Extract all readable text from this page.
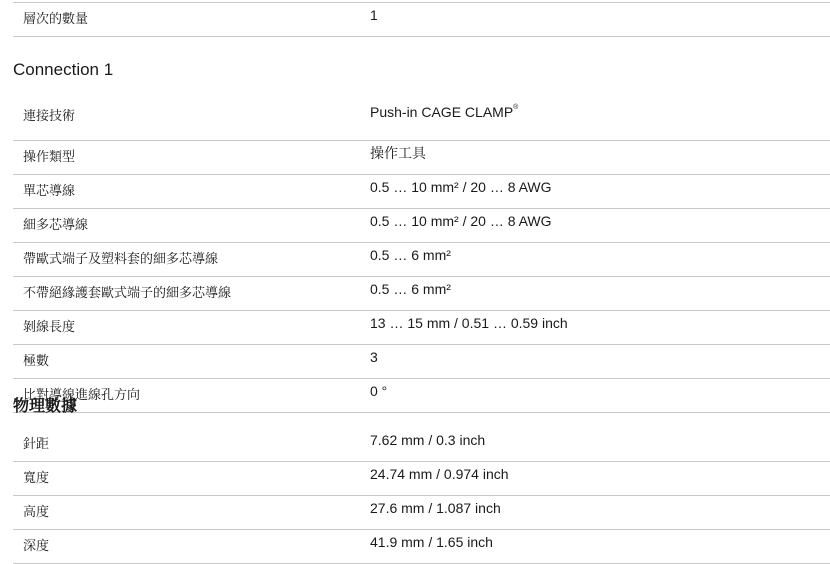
層次的數量	1
Connection 1
連接技術	Push-in CAGE CLAMP®
操作類型	操作工具
單芯導線	0.5 … 10 mm² / 20 … 8 AWG
細多芯導線	0.5 … 10 mm² / 20 … 8 AWG
帶歐式端子及塑料套的細多芯導線	0.5 … 6 mm²
不帶絕緣護套歐式端子的細多芯導線	0.5 … 6 mm²
剝線長度	13 … 15 mm / 0.51 … 0.59 inch
極數	3
比對導線進線孔方向	0 °
物理數據
針距	7.62 mm / 0.3 inch
寬度	24.74 mm / 0.974 inch
高度	27.6 mm / 1.087 inch
深度	41.9 mm / 1.65 inch
